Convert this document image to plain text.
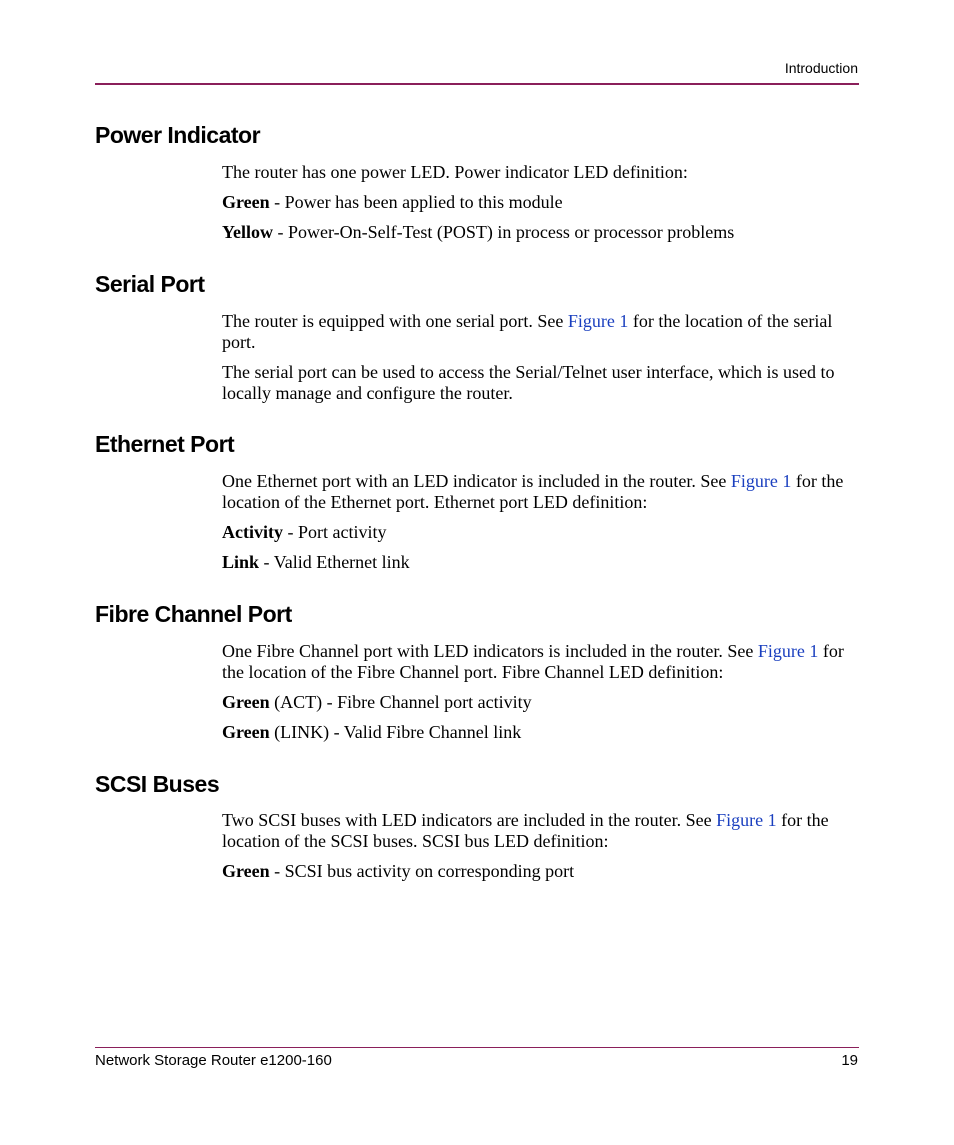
Introduction
Power Indicator

The router has one power LED. Power indicator LED definition:

Green - Power has been applied to this module

Yellow - Power-On-Self-Test (POST) in process or processor problems

Serial Port

The router is equipped with one serial port. See Figure 1 for the location of the serial port.

The serial port can be used to access the Serial/Telnet user interface, which is used to locally manage and configure the router.

Ethernet Port

One Ethernet port with an LED indicator is included in the router. See Figure 1 for the location of the Ethernet port. Ethernet port LED definition:

Activity - Port activity

Link - Valid Ethernet link

Fibre Channel Port

One Fibre Channel port with LED indicators is included in the router. See Figure 1 for the location of the Fibre Channel port. Fibre Channel LED definition:

Green (ACT) - Fibre Channel port activity

Green (LINK) - Valid Fibre Channel link

SCSI Buses

Two SCSI buses with LED indicators are included in the router. See Figure 1 for the location of the SCSI buses. SCSI bus LED definition:

Green - SCSI bus activity on corresponding port

Network Storage Router e1200-160	19
